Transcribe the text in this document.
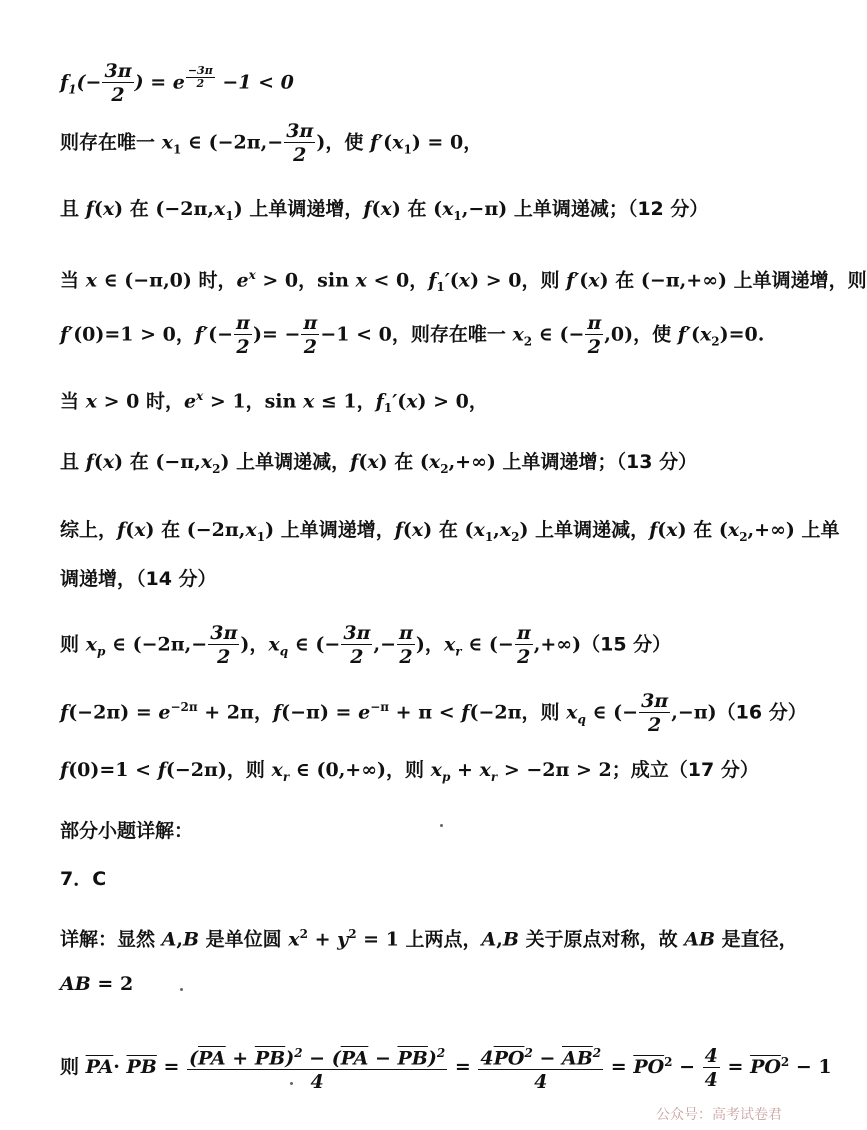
$f_1(- \frac{3\pi}{2}$ ) = e $^{\frac{-3\pi}{2}}$ −1 < 0
则存在唯一 $x_1$ ∈ ($-2\pi,- \frac{3\pi}{2}$ )，使 $f'(x_1) = 0$，
且 f(x) 在 $(-2\pi,x_1)$ 上单调递增，f(x) 在 $(x_1,-\pi)$ 上单调递减；（12 分）
当 x ∈ (−π,0) 时，$e^x > 0$，sin x < 0，$f_1'(x) > 0$，则 f′(x) 在 (−π,+∞) 上单调递增，则
f′(0)=1 > 0，$f'(- \frac{\pi}{2}$ )= − $\frac{\pi}{2} -1 < 0$，则存在唯一 $x_2$ ∈ (− $\frac{\pi}{2} ,0$)，使 $f'(x_2)=0$.
当 x > 0 时，$e^x > 1$，sin x ≤ 1，$f_1'(x) > 0$，
且 f(x) 在 $(-\pi,x_2)$ 上单调递减，f(x) 在 $(x_2,+\infty)$ 上单调递增；（13 分）
综上，f(x) 在 $(-2\pi,x_1)$ 上单调递增，f(x) 在 $(x_1,x_2)$ 上单调递减，f(x) 在 $(x_2,+\infty)$ 上单
调递增，（14 分）
则 $x_p$ ∈ ($-2\pi,- \frac{3\pi}{2}$ )，$x_q$ ∈ (− $\frac{3\pi}{2}$ ,− $\frac{\pi}{2}$ )，$x_r$ ∈ (− $\frac{\pi}{2} ,+\infty)(15$ 分）
$f(-2\pi) = e^{-2\pi} + 2\pi$，$f(-\pi) = e^{-\pi} + \pi < f(-2\pi$，则 $x_q$ ∈ (− $\frac{3\pi}{2} ,-\pi)(16$ 分）
f(0)=1 < f(−2π)，则 $x_r$ ∈ (0,+∞)，则 $x_p + x_r > -2\pi > 2$；成立（17 分）
部分小题详解：
7．C
详解：显然 A,B 是单位圆 $x^2 + y^2 = 1$ 上两点，A,B 关于原点对称，故 AB 是直径，
AB = 2
则 $\overline{PA}\cdot \overline{PB} = \frac{(\overline{PA} + \overline{PB})^2 - (\overline{PA} - \overline{PB})^2}{4} = \frac{4\overline{PO}^2 - \overline{AB}^2}{4} = \overline{PO}^2 - \frac{4}{4} = \overline{PO}^2 - 1$
公众号：高考试卷君
